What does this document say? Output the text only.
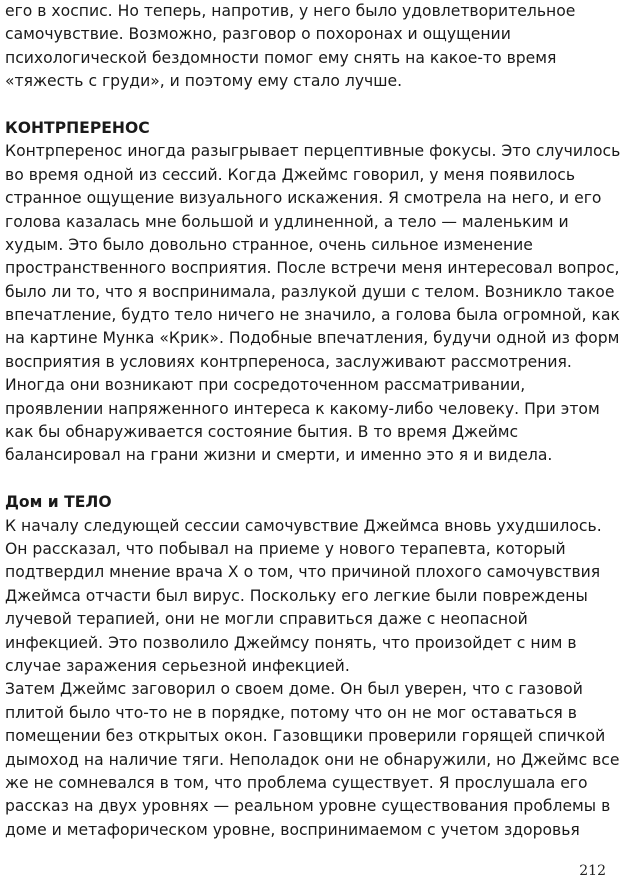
его в хоспис. Но теперь, напротив, у него было удовлетворительное
самочувствие. Возможно, разговор о похоронах и ощущении
психологической бездомности помог ему снять на какое-то время
«тяжесть с груди», и поэтому ему стало лучше.
КОНТРПЕРЕНОС
Контрперенос иногда разыгрывает перцептивные фокусы. Это случилось
во время одной из сессий. Когда Джеймс говорил, у меня появилось
странное ощущение визуального искажения. Я смотрела на него, и его
голова казалась мне большой и удлиненной, а тело — маленьким и
худым. Это было довольно странное, очень сильное изменение
пространственного восприятия. После встречи меня интересовал вопрос,
было ли то, что я воспринимала, разлукой души с телом. Возникло такое
впечатление, будто тело ничего не значило, а голова была огромной, как
на картине Мунка «Крик». Подобные впечатления, будучи одной из форм
восприятия в условиях контрпереноса, заслуживают рассмотрения.
Иногда они возникают при сосредоточенном рассматривании,
проявлении напряженного интереса к какому-либо человеку. При этом
как бы обнаруживается состояние бытия. В то время Джеймс
балансировал на грани жизни и смерти, и именно это я и видела.
Дом и ТЕЛО
К началу следующей сессии самочувствие Джеймса вновь ухудшилось.
Он рассказал, что побывал на приеме у нового терапевта, который
подтвердил мнение врача Х о том, что причиной плохого самочувствия
Джеймса отчасти был вирус. Поскольку его легкие были повреждены
лучевой терапией, они не могли справиться даже с неопасной
инфекцией. Это позволило Джеймсу понять, что произойдет с ним в
случае заражения серьезной инфекцией.
Затем Джеймс заговорил о своем доме. Он был уверен, что с газовой
плитой было что-то не в порядке, потому что он не мог оставаться в
помещении без открытых окон. Газовщики проверили горящей спичкой
дымоход на наличие тяги. Неполадок они не обнаружили, но Джеймс все
же не сомневался в том, что проблема существует. Я прослушала его
рассказ на двух уровнях — реальном уровне существования проблемы в
доме и метафорическом уровне, воспринимаемом с учетом здоровья
212
